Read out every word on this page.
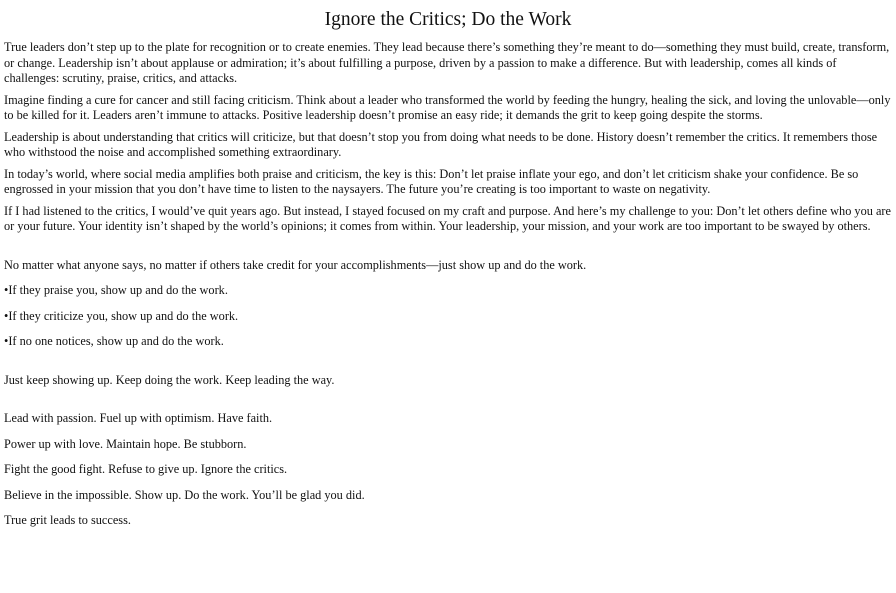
Ignore the Critics; Do the Work

True leaders don’t step up to the plate for recognition or to create enemies. They lead because there’s something they’re meant to do—something they must build, create, transform, or change. Leadership isn’t about applause or admiration; it’s about fulfilling a purpose, driven by a passion to make a difference. But with leadership, comes all kinds of challenges: scrutiny, praise, critics, and attacks.

Imagine finding a cure for cancer and still facing criticism. Think about a leader who transformed the world by feeding the hungry, healing the sick, and loving the unlovable—only to be killed for it. Leaders aren’t immune to attacks. Positive leadership doesn’t promise an easy ride; it demands the grit to keep going despite the storms.

Leadership is about understanding that critics will criticize, but that doesn’t stop you from doing what needs to be done. History doesn’t remember the critics. It remembers those who withstood the noise and accomplished something extraordinary.

In today’s world, where social media amplifies both praise and criticism, the key is this: Don’t let praise inflate your ego, and don’t let criticism shake your confidence. Be so engrossed in your mission that you don’t have time to listen to the naysayers. The future you’re creating is too important to waste on negativity.

If I had listened to the critics, I would’ve quit years ago. But instead, I stayed focused on my craft and purpose. And here’s my challenge to you: Don’t let others define who you are or your future. Your identity isn’t shaped by the world’s opinions; it comes from within. Your leadership, your mission, and your work are too important to be swayed by others.

No matter what anyone says, no matter if others take credit for your accomplishments—just show up and do the work.

• If they praise you, show up and do the work.

• If they criticize you, show up and do the work.

• If no one notices, show up and do the work.

Just keep showing up. Keep doing the work. Keep leading the way.

Lead with passion. Fuel up with optimism. Have faith.

Power up with love. Maintain hope. Be stubborn.

Fight the good fight. Refuse to give up. Ignore the critics.

Believe in the impossible. Show up. Do the work. You’ll be glad you did.

True grit leads to success.
